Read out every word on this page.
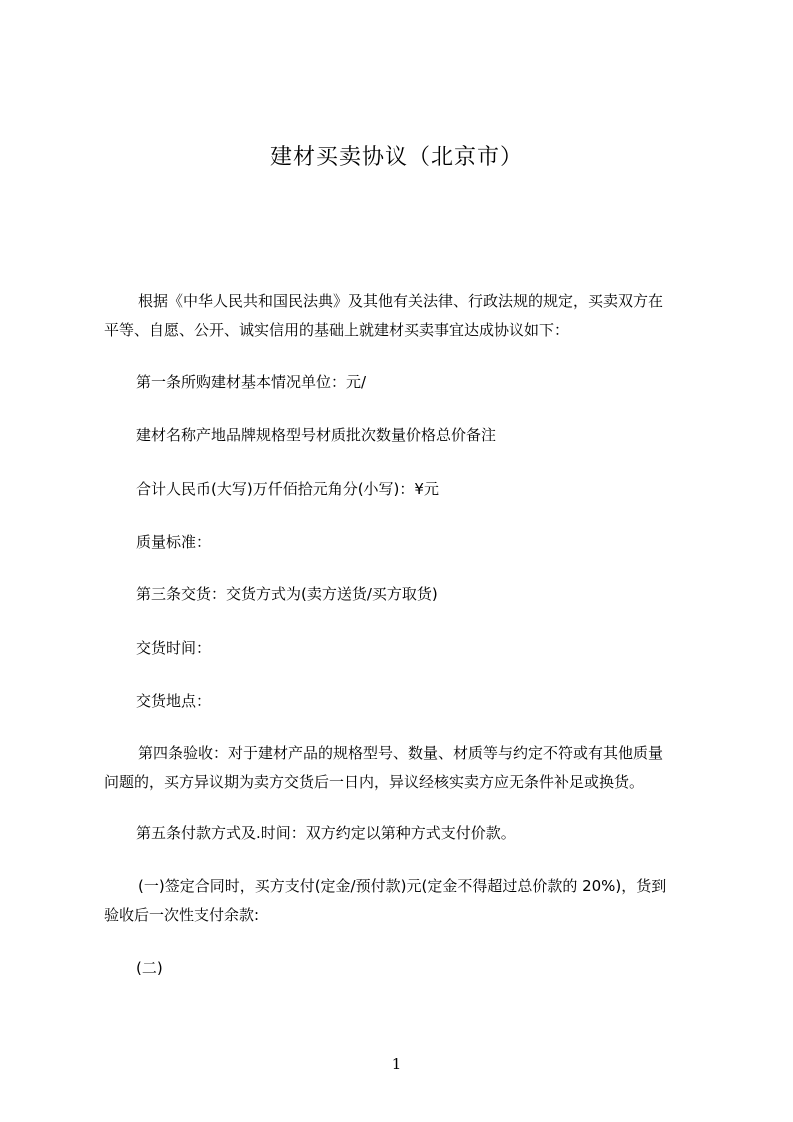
建材买卖协议（北京市）
根据《中华人民共和国民法典》及其他有关法律、行政法规的规定，买卖双方在
平等、自愿、公开、诚实信用的基础上就建材买卖事宜达成协议如下：
第一条所购建材基本情况单位：元/
建材名称产地品牌规格型号材质批次数量价格总价备注
合计人民币(大写)万仟佰拾元角分(小写)：¥元
质量标准：
第三条交货：交货方式为(卖方送货/买方取货)
交货时间：
交货地点：
第四条验收：对于建材产品的规格型号、数量、材质等与约定不符或有其他质量
问题的，买方异议期为卖方交货后一日内，异议经核实卖方应无条件补足或换货。
第五条付款方式及.时间：双方约定以第种方式支付价款。
(一)签定合同时，买方支付(定金/预付款)元(定金不得超过总价款的 20%)，货到
验收后一次性支付余款:
(二)
1
